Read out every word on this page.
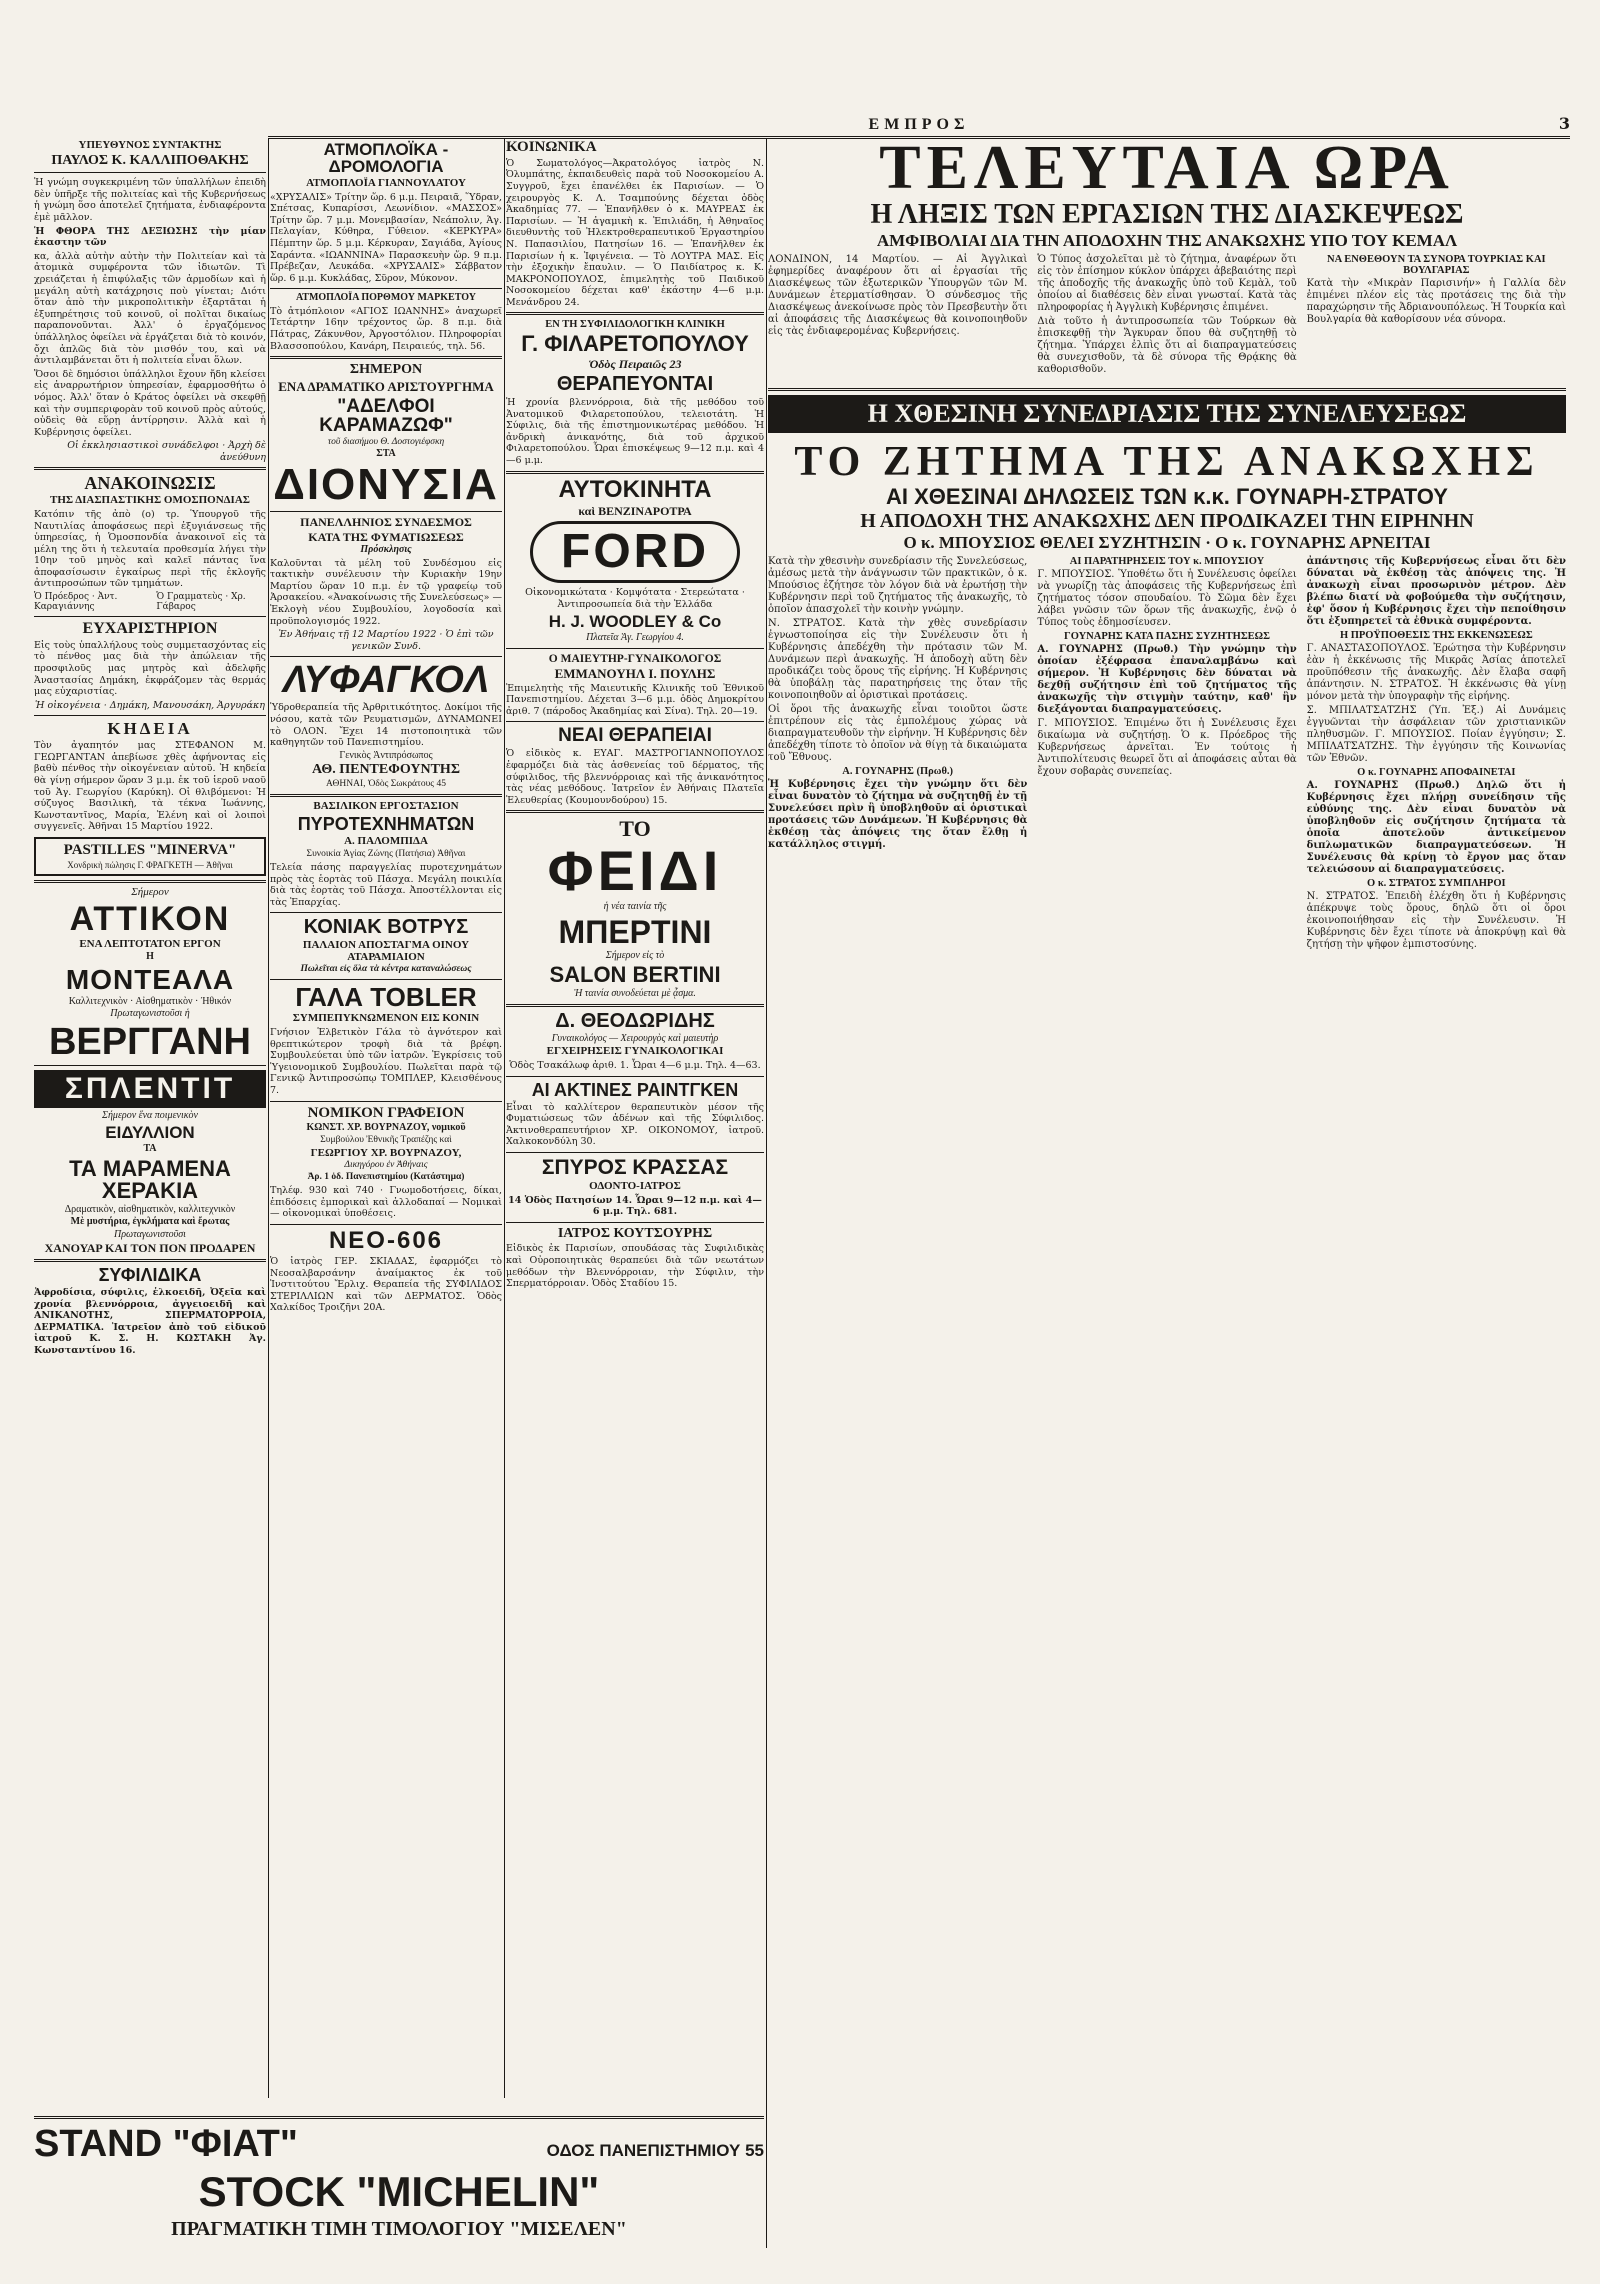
ΕΜΠΡΟΣ	3
ΥΠΕΥΘΥΝΟΣ ΣΥΝΤΑΚΤΗΣ
ΠΑΥΛΟΣ Κ. ΚΑΛΛΙΠΟΘΑΚΗΣ

Ἡ γνώμη συγκεκριμένη τῶν ὑπαλλήλων ἐπειδὴ δὲν ὑπῆρξε τῆς πολιτείας καὶ τῆς Κυβερνήσεως ἡ γνώμη ὅσο ἀποτελεῖ ζητήματα, ἐνδιαφέροντα ἐμὲ μᾶλλον.

Ἡ ΦΘΟΡΑ ΤΗΣ ΔΕΞΙΩΣΗΣ τὴν μίαν ἐκαστην τῶν

κα, ἀλλὰ αὐτὴν αὐτὴν τὴν Πολιτείαν καὶ τὰ ἀτομικὰ συμφέροντα τῶν ἰδιωτῶν. Τὶ χρειάζεται ἡ ἐπιφύλαξις τῶν ἀρμοδίων καὶ ἡ μεγάλη αὐτὴ κατάχρησις ποὺ γίνεται; Διότι ὅταν ἀπὸ τὴν μικροπολιτικὴν ἐξαρτᾶται ἡ ἐξυπηρέτησις τοῦ κοινοῦ, οἱ πολῖται δικαίως παραπονοῦνται. Ἀλλ' ὁ ἐργαζόμενος ὑπάλληλος ὀφείλει νὰ ἐργάζεται διὰ τὸ κοινόν, ὄχι ἁπλῶς διὰ τὸν μισθόν του, καὶ νὰ ἀντιλαμβάνεται ὅτι ἡ πολιτεία εἶναι ὅλων.

Ὅσοι δὲ δημόσιοι ὑπάλληλοι ἔχουν ἤδη κλείσει εἰς ἀναρρωτήριον ὑπηρεσίαν, ἐφαρμοσθήτω ὁ νόμος. Ἀλλ' ὅταν ὁ Κράτος ὀφείλει νὰ σκεφθῇ καὶ τὴν συμπεριφορὰν τοῦ κοινοῦ πρὸς αὐτούς, οὐδεὶς θὰ εὕρῃ ἀντίρρησιν. Ἀλλὰ καὶ ἡ Κυβέρνησις ὀφείλει.

Οἱ ἐκκλησιαστικοὶ συνάδελφοι · Ἀρχὴ δὲ ἀνεύθυνη

ΑΝΑΚΟΙΝΩΣΙΣ
ΤΗΣ ΔΙΑΣΠΑΣΤΙΚΗΣ ΟΜΟΣΠΟΝΔΙΑΣ

Κατόπιν τῆς ἀπὸ (ο) τρ. Ὑπουργοῦ τῆς Ναυτιλίας ἀποφάσεως περὶ ἐξυγιάνσεως τῆς ὑπηρεσίας, ἡ Ὁμοσπονδία ἀνακοινοῖ εἰς τὰ μέλη της ὅτι ἡ τελευταία προθεσμία λήγει τὴν 10ην τοῦ μηνὸς καὶ καλεῖ πάντας ἵνα ἀποφασίσωσιν ἐγκαίρως περὶ τῆς ἐκλογῆς ἀντιπροσώπων τῶν τμημάτων.

Ὁ Πρόεδρος · Ἀντ. Καραγιάννης
Ὁ Γραμματεὺς · Χρ. Γάβαρος
ΕΥΧΑΡΙΣΤΗΡΙΟΝ

Εἰς τοὺς ὑπαλλήλους τοὺς συμμετασχόντας εἰς τὸ πένθος μας διὰ τὴν ἀπώλειαν τῆς προσφιλοῦς μας μητρὸς καὶ ἀδελφῆς Ἀναστασίας Δημάκη, ἐκφράζομεν τὰς θερμάς μας εὐχαριστίας.

Ἡ οἰκογένεια · Δημάκη, Μανουσάκη, Ἀργυράκη

ΚΗΔΕΙΑ

Τὸν ἀγαπητόν μας ΣΤΕΦΑΝΟΝ Μ. ΓΕΩΡΓΑΝΤΑΝ ἀπεβίωσε χθὲς ἀφήνοντας εἰς βαθὺ πένθος τὴν οἰκογένειαν αὐτοῦ. Ἡ κηδεία θὰ γίνῃ σήμερον ὥραν 3 μ.μ. ἐκ τοῦ ἱεροῦ ναοῦ τοῦ Ἁγ. Γεωργίου (Καρύκη). Οἱ θλιβόμενοι: Ἡ σύζυγος Βασιλικὴ, τὰ τέκνα Ἰωάννης, Κωνσταντῖνος, Μαρία, Ἑλένη καὶ οἱ λοιποὶ συγγενεῖς. Ἀθῆναι 15 Μαρτίου 1922.

PASTILLES "MINERVA"
Χονδρικὴ πώλησις Γ. ΦΡΑΓΚΕΤΗ — Ἀθῆναι
Σήμερον
ΑΤΤΙΚΟΝ
ΕΝΑ ΛΕΠΤΟΤΑΤΟΝ ΕΡΓΟΝ
Η
ΜΟΝΤΕΑΛΑ
Καλλιτεχνικὸν · Αἰσθηματικὸν · Ἠθικόν
Πρωταγωνιστοῦσι ἡ
ΒΕΡΓΓΑΝΗ
ΣΠΛΕΝΤΙΤ
Σήμερον ἕνα ποιμενικὸν
ΕΙΔΥΛΛΙΟΝ
ΤΑ
ΤΑ ΜΑΡΑΜΕΝΑ ΧΕΡΑΚΙΑ
Δραματικὸν, αἰσθηματικὸν, καλλιτεχνικὸν
Μὲ μυστήρια, ἐγκλήματα καὶ ἔρωτας
Πρωταγωνιστοῦσι
ΧΑΝΟΥΑΡ ΚΑΙ ΤΟΝ ΠΟΝ ΠΡΟΔΑΡΕΝ
ΣΥΦΙΛΙΔΙΚΑ

Ἀφροδίσια, σύφιλις, ἑλκοειδῆ, Ὀξεῖα καὶ χρονία βλεννόρροια, ἀγγειοειδῆ καὶ ΑΝΙΚΑΝΟΤΗΣ, ΣΠΕΡΜΑΤΟΡΡΟΙΑ, ΔΕΡΜΑΤΙΚΑ. Ἰατρεῖον ἀπὸ τοῦ εἰδικοῦ ἰατροῦ Κ. Σ. Η. ΚΩΣΤΑΚΗ Ἀγ. Κωνσταντίνου 16.

ΑΤΜΟΠΛΟΪΚΑ - ΔΡΟΜΟΛΟΓΙΑ
ΑΤΜΟΠΛΟΪΑ ΓΙΑΝΝΟΥΛΑΤΟΥ

«ΧΡΥΣΑΛΙΣ» Τρίτην ὥρ. 6 μ.μ. Πειραιᾶ, Ὕδραν, Σπέτσας, Κυπαρίσσι, Λεωνίδιον. «ΜΑΣΣΟΣ» Τρίτην ὥρ. 7 μ.μ. Μονεμβασίαν, Νεάπολιν, Ἁγ. Πελαγίαν, Κύθηρα, Γύθειον. «ΚΕΡΚΥΡΑ» Πέμπτην ὥρ. 5 μ.μ. Κέρκυραν, Σαγιάδα, Ἀγίους Σαράντα. «ΙΩΑΝΝΙΝΑ» Παρασκευὴν ὥρ. 9 π.μ. Πρέβεζαν, Λευκάδα. «ΧΡΥΣΑΛΙΣ» Σάββατον ὥρ. 6 μ.μ. Κυκλάδας, Σῦρον, Μύκονον.

ΑΤΜΟΠΛΟΪΑ ΠΟΡΘΜΟΥ ΜΑΡΚΕΤΟΥ

Τὸ ἀτμόπλοιον «ΑΓΙΟΣ ΙΩΑΝΝΗΣ» ἀναχωρεῖ Τετάρτην 16ην τρέχοντος ὥρ. 8 π.μ. διὰ Πάτρας, Ζάκυνθον, Ἀργοστόλιον. Πληροφορίαι Βλασσοπούλου, Κανάρη, Πειραιεύς, τηλ. 56.

ΣΗΜΕΡΟΝ
ΕΝΑ ΔΡΑΜΑΤΙΚΟ ΑΡΙΣΤΟΥΡΓΗΜΑ
"ΑΔΕΛΦΟΙ ΚΑΡΑΜΑΖΩΦ"
τοῦ διασήμου Θ. Δοστογιέφσκη
ΣΤΑ
ΔΙΟΝΥΣΙΑ
ΠΑΝΕΛΛΗΝΙΟΣ ΣΥΝΔΕΣΜΟΣ
ΚΑΤΑ ΤΗΣ ΦΥΜΑΤΙΩΣΕΩΣ
Πρόσκλησις

Καλοῦνται τὰ μέλη τοῦ Συνδέσμου εἰς τακτικὴν συνέλευσιν τὴν Κυριακὴν 19ην Μαρτίου ὥραν 10 π.μ. ἐν τῷ γραφείῳ τοῦ Ἀρσακείου. «Ἀνακοίνωσις τῆς Συνελεύσεως» — Ἐκλογὴ νέου Συμβουλίου, λογοδοσία καὶ προϋπολογισμός 1922.

Ἐν Ἀθήναις τῇ 12 Μαρτίου 1922 · Ὁ ἐπὶ τῶν γενικῶν Συνδ.

ΛΥΦΑΓΚΟΛ

Ὑδροθεραπεία τῆς Ἀρθριτικότητος. Δοκίμοι τῆς νόσου, κατὰ τῶν Ρευματισμῶν, ΔΥΝΑΜΩΝΕΙ τὸ ΟΛΟΝ. Ἔχει 14 πιστοποιητικὰ τῶν καθηγητῶν τοῦ Πανεπιστημίου.

Γενικὸς Ἀντιπρόσωπος
ΑΘ. ΠΕΝΤΕΦΟΥΝΤΗΣ
ΑΘΗΝΑΙ, Ὁδὸς Σωκράτους 45
ΒΑΣΙΛΙΚΟΝ ΕΡΓΟΣΤΑΣΙΟΝ
ΠΥΡΟΤΕΧΝΗΜΑΤΩΝ
Α. ΠΑΛΟΜΠΙΔΑ
Συνοικία Ἁγίας Ζώνης (Πατήσια) Ἀθῆναι

Τελεία πάσης παραγγελίας πυροτεχνημάτων πρὸς τὰς ἑορτὰς τοῦ Πάσχα. Μεγάλη ποικιλία διὰ τὰς ἑορτὰς τοῦ Πάσχα. Ἀποστέλλονται εἰς τὰς Ἐπαρχίας.

ΚΟΝΙΑΚ ΒΟΤΡΥΣ
ΠΑΛΑΙΟΝ ΑΠΟΣΤΑΓΜΑ ΟΙΝΟΥ ΑΤΑΡΑΜΙΑΙΟΝ
Πωλεῖται εἰς ὅλα τὰ κέντρα καταναλώσεως
ΓΑΛΑ TOBLER
ΣΥΜΠΕΠΥΚΝΩΜΕΝΟΝ ΕΙΣ ΚΟΝΙΝ

Γνήσιον Ἑλβετικὸν Γάλα τὸ ἀγνότερον καὶ θρεπτικώτερον τροφὴ διὰ τὰ βρέφη. Συμβουλεύεται ὑπὸ τῶν ἰατρῶν. Ἐγκρίσεις τοῦ Ὑγειονομικοῦ Συμβουλίου. Πωλεῖται παρὰ τῷ Γενικῷ Ἀντιπροσώπῳ ΤΟΜΠΛΕΡ, Κλεισθένους 7.

ΝΟΜΙΚΟΝ ΓΡΑΦΕΙΟΝ
ΚΩΝΣΤ. ΧΡ. ΒΟΥΡΝΑΖΟΥ, νομικοῦ
Συμβούλου Ἐθνικῆς Τραπέζης καὶ
ΓΕΩΡΓΙΟΥ ΧΡ. ΒΟΥΡΝΑΖΟΥ,
Δικηγόρου ἐν Ἀθήναις
Ἀρ. 1 ὁδ. Πανεπιστημίου (Κατάστημα)

Τηλέφ. 930 καὶ 740 · Γνωμοδοτήσεις, δίκαι, ἐπιδόσεις ἐμπορικαὶ καὶ ἀλλοδαπαί — Νομικαὶ — οἰκονομικαὶ ὑποθέσεις.

ΝΕΟ-606

Ὁ ἰατρὸς ΓΕΡ. ΣΚΙΑΔΑΣ, ἐφαρμόζει τὸ Νεοσαλβαρσάνην ἀναίμακτος ἐκ τοῦ Ἰνστιτούτου Ἔρλιχ. Θεραπεία τῆς ΣΥΦΙΛΙΔΟΣ ΣΤΕΡΙΛΛΙΩΝ καὶ τῶν ΔΕΡΜΑΤΟΣ. Ὁδὸς Χαλκίδος Τροιζῆνι 20Α.

ΚΟΙΝΩΝΙΚΑ

Ὁ Σωματολόγος—Ἀκρατολόγος ἰατρὸς Ν. Ὀλυμπάτης, ἐκπαιδευθεὶς παρὰ τοῦ Νοσοκομείου Α. Συγγροῦ, ἔχει ἐπανέλθει ἐκ Παρισίων. — Ὁ χειρουργὸς Κ. Λ. Τσαμπούνης δέχεται ὁδὸς Ἀκαδημίας 77. — Ἐπανῆλθεν ὁ κ. ΜΑΥΡΕΑΣ ἐκ Παρισίων. — Ἡ ἀγαμικὴ κ. Ἐπιλιάδη, ἡ Ἀθηναῖος διευθυντὴς τοῦ Ἠλεκτροθεραπευτικοῦ Ἐργαστηρίου Ν. Παπασιλίου, Πατησίων 16. — Ἐπανῆλθεν ἐκ Παρισίων ἡ κ. Ἰφιγένεια. — Τὸ ΛΟΥΤΡΑ ΜΑΣ. Εἰς τὴν ἐξοχικὴν ἔπαυλιν. — Ὁ Παιδίατρος κ. Κ. ΜΑΚΡΟΝΟΠΟΥΛΟΣ, ἐπιμελητὴς τοῦ Παιδικοῦ Νοσοκομείου δέχεται καθ' ἑκάστην 4—6 μ.μ. Μενάνδρου 24.

ΕΝ ΤΗ ΣΥΦΙΛΙΔΟΛΟΓΙΚΗ ΚΛΙΝΙΚΗ
Γ. ΦΙΛΑΡΕΤΟΠΟΥΛΟΥ
Ὁδὸς Πειραιῶς 23
ΘΕΡΑΠΕΥΟΝΤΑΙ

Ἡ χρονία βλεννόρροια, διὰ τῆς μεθόδου τοῦ Ἀνατομικοῦ Φιλαρετοπούλου, τελειοτάτη. Ἡ Σύφιλις, διὰ τῆς ἐπιστημονικωτέρας μεθόδου. Ἡ ἀνδρικὴ ἀνικανότης, διὰ τοῦ ἀρχικοῦ Φιλαρετοπούλου. Ὧραι ἐπισκέψεως 9—12 π.μ. καὶ 4—6 μ.μ.

ΑΥΤΟΚΙΝΗΤΑ
καὶ ΒΕΝΖΙΝΑΡΟΤΡΑ
FORD

Οἰκονομικώτατα · Κομψότατα · Στερεώτατα · Ἀντιπροσωπεία διὰ τὴν Ἑλλάδα

H. J. WOODLEY & Co
Πλατεῖα Ἁγ. Γεωργίου 4.
Ο ΜΑΙΕΥΤΗΡ-ΓΥΝΑΙΚΟΛΟΓΟΣ
ΕΜΜΑΝΟΥΗΛ Ι. ΠΟΥΛΗΣ

Ἐπιμελητὴς τῆς Μαιευτικῆς Κλινικῆς τοῦ Ἐθνικοῦ Πανεπιστημίου. Δέχεται 3—6 μ.μ. ὁδὸς Δημοκρίτου ἀριθ. 7 (πάροδος Ἀκαδημίας καὶ Σίνα). Τηλ. 20—19.

ΝΕΑΙ ΘΕΡΑΠΕΙΑΙ

Ὁ εἰδικὸς κ. ΕΥΑΓ. ΜΑΣΤΡΟΓΙΑΝΝΟΠΟΥΛΟΣ ἐφαρμόζει διὰ τὰς ἀσθενείας τοῦ δέρματος, τῆς σύφιλιδος, τῆς βλεννόρροιας καὶ τῆς ἀνικανότητος τὰς νέας μεθόδους. Ἰατρεῖον ἐν Ἀθήναις Πλατεῖα Ἐλευθερίας (Κουμουνδούρου) 15.

ΤΟ
ΦΕΙΔΙ
ἡ νέα ταινία τῆς
ΜΠΕΡΤΙΝΙ
Σήμερον εἰς τὸ
SALON BERTINI
Ἡ ταινία συνοδεύεται μὲ ᾆσμα.
Δ. ΘΕΟΔΩΡΙΔΗΣ
Γυναικολόγος — Χειρουργὸς καὶ μαιευτὴρ
ΕΓΧΕΙΡΗΣΕΙΣ ΓΥΝΑΙΚΟΛΟΓΙΚΑΙ

Ὁδὸς Τσακάλωφ ἀριθ. 1. Ὧραι 4—6 μ.μ. Τηλ. 4—63.

ΑΙ ΑΚΤΙΝΕΣ ΡΑΙΝΤΓΚΕΝ

Εἶναι τὸ καλλίτερον θεραπευτικὸν μέσον τῆς Φυματιώσεως τῶν ἀδένων καὶ τῆς Σύφιλιδος. Ἀκτινοθεραπευτήριον ΧΡ. ΟΙΚΟΝΟΜΟΥ, ἰατροῦ. Χαλκοκονδύλη 30.

ΣΠΥΡΟΣ ΚΡΑΣΣΑΣ
ΟΔΟΝΤΟ-ΙΑΤΡΟΣ

14 Ὁδὸς Πατησίων 14. Ὧραι 9—12 π.μ. καὶ 4—6 μ.μ. Τηλ. 681.

ΙΑΤΡΟΣ ΚΟΥΤΣΟΥΡΗΣ

Εἰδικὸς ἐκ Παρισίων, σπουδάσας τὰς Συφιλιδικὰς καὶ Οὐροποιητικὰς θεραπεύει διὰ τῶν νεωτάτων μεθόδων τὴν Βλεννόρροιαν, τὴν Σύφιλιν, τὴν Σπερματόρροιαν. Ὁδὸς Σταδίου 15.

ΤΕΛΕΥΤΑΙΑ ΩΡΑ
Η ΛΗΞΙΣ ΤΩΝ ΕΡΓΑΣΙΩΝ ΤΗΣ ΔΙΑΣΚΕΨΕΩΣ
ΑΜΦΙΒΟΛΙΑΙ ΔΙΑ ΤΗΝ ΑΠΟΔΟΧΗΝ ΤΗΣ ΑΝΑΚΩΧΗΣ ΥΠΟ ΤΟΥ ΚΕΜΑΛ

ΛΟΝΔΙΝΟΝ, 14 Μαρτίου. — Αἱ Ἀγγλικαὶ ἐφημερίδες ἀναφέρουν ὅτι αἱ ἐργασίαι τῆς Διασκέψεως τῶν ἐξωτερικῶν Ὑπουργῶν τῶν Μ. Δυνάμεων ἐτερματίσθησαν. Ὁ σύνδεσμος τῆς Διασκέψεως ἀνεκοίνωσε πρὸς τὸν Πρεσβευτὴν ὅτι αἱ ἀποφάσεις τῆς Διασκέψεως θὰ κοινοποιηθοῦν εἰς τὰς ἐνδιαφερομένας Κυβερνήσεις.

Ὁ Τύπος ἀσχολεῖται μὲ τὸ ζήτημα, ἀναφέρων ὅτι εἰς τὸν ἐπίσημον κύκλον ὑπάρχει ἀβεβαιότης περὶ τῆς ἀποδοχῆς τῆς ἀνακωχῆς ὑπὸ τοῦ Κεμὰλ, τοῦ ὁποίου αἱ διαθέσεις δὲν εἶναι γνωσταί. Κατὰ τὰς πληροφορίας ἡ Ἀγγλικὴ Κυβέρνησις ἐπιμένει.

Διὰ τοῦτο ἡ ἀντιπροσωπεία τῶν Τούρκων θὰ ἐπισκεφθῇ τὴν Ἄγκυραν ὅπου θὰ συζητηθῇ τὸ ζήτημα. Ὑπάρχει ἐλπὶς ὅτι αἱ διαπραγματεύσεις θὰ συνεχισθοῦν, τὰ δὲ σύνορα τῆς Θρᾴκης θὰ καθορισθοῦν.

ΝΑ ΕΝΘΕΘΟΥΝ ΤΑ ΣΥΝΟΡΑ ΤΟΥΡΚΙΑΣ ΚΑΙ ΒΟΥΛΓΑΡΙΑΣ

Κατὰ τὴν «Μικρὰν Παρισινήν» ἡ Γαλλία δὲν ἐπιμένει πλέον εἰς τὰς προτάσεις της διὰ τὴν παραχώρησιν τῆς Ἀδριανουπόλεως. Ἡ Τουρκία καὶ Βουλγαρία θὰ καθορίσουν νέα σύνορα.

Η ΧΘΕΣΙΝΗ ΣΥΝΕΔΡΙΑΣΙΣ ΤΗΣ ΣΥΝΕΛΕΥΣΕΩΣ
ΤΟ ΖΗΤΗΜΑ ΤΗΣ ΑΝΑΚΩΧΗΣ
ΑΙ ΧΘΕΣΙΝΑΙ ΔΗΛΩΣΕΙΣ ΤΩΝ κ.κ. ΓΟΥΝΑΡΗ-ΣΤΡΑΤΟΥ
Η ΑΠΟΔΟΧΗ ΤΗΣ ΑΝΑΚΩΧΗΣ ΔΕΝ ΠΡΟΔΙΚΑΖΕΙ ΤΗΝ ΕΙΡΗΝΗΝ
Ο κ. ΜΠΟΥΣΙΟΣ ΘΕΛΕΙ ΣΥΖΗΤΗΣΙΝ · Ο κ. ΓΟΥΝΑΡΗΣ ΑΡΝΕΙΤΑΙ

Κατὰ τὴν χθεσινὴν συνεδρίασιν τῆς Συνελεύσεως, ἀμέσως μετὰ τὴν ἀνάγνωσιν τῶν πρακτικῶν, ὁ κ. Μπούσιος ἐζήτησε τὸν λόγον διὰ νὰ ἐρωτήσῃ τὴν Κυβέρνησιν περὶ τοῦ ζητήματος τῆς ἀνακωχῆς, τὸ ὁποῖον ἀπασχολεῖ τὴν κοινὴν γνώμην.

Ν. ΣΤΡΑΤΟΣ. Κατὰ τὴν χθὲς συνεδρίασιν ἐγνωστοποίησα εἰς τὴν Συνέλευσιν ὅτι ἡ Κυβέρνησις ἀπεδέχθη τὴν πρότασιν τῶν Μ. Δυνάμεων περὶ ἀνακωχῆς. Ἡ ἀποδοχὴ αὕτη δὲν προδικάζει τοὺς ὅρους τῆς εἰρήνης. Ἡ Κυβέρνησις θὰ ὑποβάλῃ τὰς παρατηρήσεις της ὅταν τῆς κοινοποιηθοῦν αἱ ὁριστικαὶ προτάσεις.

Οἱ ὅροι τῆς ἀνακωχῆς εἶναι τοιοῦτοι ὥστε ἐπιτρέπουν εἰς τὰς ἐμπολέμους χώρας νὰ διαπραγματευθοῦν τὴν εἰρήνην. Ἡ Κυβέρνησις δὲν ἀπεδέχθη τίποτε τὸ ὁποῖον νὰ θίγῃ τὰ δικαιώματα τοῦ Ἔθνους.

Α. ΓΟΥΝΑΡΗΣ (Πρωθ.)

Ἡ Κυβέρνησις ἔχει τὴν γνώμην ὅτι δὲν εἶναι δυνατὸν τὸ ζήτημα νὰ συζητηθῇ ἐν τῇ Συνελεύσει πρὶν ἢ ὑποβληθοῦν αἱ ὁριστικαὶ προτάσεις τῶν Δυνάμεων. Ἡ Κυβέρνησις θὰ ἐκθέσῃ τὰς ἀπόψεις της ὅταν ἔλθῃ ἡ κατάλληλος στιγμή.

ΑΙ ΠΑΡΑΤΗΡΗΣΕΙΣ ΤΟΥ κ. ΜΠΟΥΣΙΟΥ

Γ. ΜΠΟΥΣΙΟΣ. Ὑποθέτω ὅτι ἡ Συνέλευσις ὀφείλει νὰ γνωρίζῃ τὰς ἀποφάσεις τῆς Κυβερνήσεως ἐπὶ ζητήματος τόσον σπουδαίου. Τὸ Σῶμα δὲν ἔχει λάβει γνῶσιν τῶν ὅρων τῆς ἀνακωχῆς, ἐνῷ ὁ Τύπος τοὺς ἐδημοσίευσεν.

ΓΟΥΝΑΡΗΣ ΚΑΤΑ ΠΑΣΗΣ ΣΥΖΗΤΗΣΕΩΣ

Α. ΓΟΥΝΑΡΗΣ (Πρωθ.) Τὴν γνώμην τὴν ὁποίαν ἐξέφρασα ἐπαναλαμβάνω καὶ σήμερον. Ἡ Κυβέρνησις δὲν δύναται νὰ δεχθῇ συζήτησιν ἐπὶ τοῦ ζητήματος τῆς ἀνακωχῆς τὴν στιγμὴν ταύτην, καθ' ἣν διεξάγονται διαπραγματεύσεις.

Γ. ΜΠΟΥΣΙΟΣ. Ἐπιμένω ὅτι ἡ Συνέλευσις ἔχει δικαίωμα νὰ συζητήσῃ. Ὁ κ. Πρόεδρος τῆς Κυβερνήσεως ἀρνεῖται. Ἐν τούτοις ἡ Ἀντιπολίτευσις θεωρεῖ ὅτι αἱ ἀποφάσεις αὗται θὰ ἔχουν σοβαρὰς συνεπείας.

ἀπάντησις τῆς Κυβερνήσεως εἶναι ὅτι δὲν δύναται νὰ ἐκθέσῃ τὰς ἀπόψεις της. Ἡ ἀνακωχὴ εἶναι προσωρινὸν μέτρον. Δὲν βλέπω διατί νὰ φοβούμεθα τὴν συζήτησιν, ἐφ' ὅσον ἡ Κυβέρνησις ἔχει τὴν πεποίθησιν ὅτι ἐξυπηρετεῖ τὰ ἐθνικὰ συμφέροντα.

Η ΠΡΟΫΠΟΘΕΣΙΣ ΤΗΣ ΕΚΚΕΝΩΣΕΩΣ

Γ. ΑΝΑΣΤΑΣΟΠΟΥΛΟΣ. Ἐρώτησα τὴν Κυβέρνησιν ἐὰν ἡ ἐκκένωσις τῆς Μικρᾶς Ἀσίας ἀποτελεῖ προϋπόθεσιν τῆς ἀνακωχῆς. Δὲν ἔλαβα σαφῆ ἀπάντησιν. Ν. ΣΤΡΑΤΟΣ. Ἡ ἐκκένωσις θὰ γίνῃ μόνον μετὰ τὴν ὑπογραφὴν τῆς εἰρήνης.

Σ. ΜΠΙΛΑΤΣΑΤΖΗΣ (Ὑπ. Ἐξ.) Αἱ Δυνάμεις ἐγγυῶνται τὴν ἀσφάλειαν τῶν χριστιανικῶν πληθυσμῶν. Γ. ΜΠΟΥΣΙΟΣ. Ποίαν ἐγγύησιν; Σ. ΜΠΙΛΑΤΣΑΤΖΗΣ. Τὴν ἐγγύησιν τῆς Κοινωνίας τῶν Ἐθνῶν.

Ο κ. ΓΟΥΝΑΡΗΣ ΑΠΟΦΑΙΝΕΤΑΙ

Α. ΓΟΥΝΑΡΗΣ (Πρωθ.) Δηλῶ ὅτι ἡ Κυβέρνησις ἔχει πλήρη συνείδησιν τῆς εὐθύνης της. Δὲν εἶναι δυνατὸν νὰ ὑποβληθοῦν εἰς συζήτησιν ζητήματα τὰ ὁποῖα ἀποτελοῦν ἀντικείμενον διπλωματικῶν διαπραγματεύσεων. Ἡ Συνέλευσις θὰ κρίνῃ τὸ ἔργον μας ὅταν τελειώσουν αἱ διαπραγματεύσεις.

Ο κ. ΣΤΡΑΤΟΣ ΣΥΜΠΛΗΡΟΙ

Ν. ΣΤΡΑΤΟΣ. Ἐπειδὴ ἐλέχθη ὅτι ἡ Κυβέρνησις ἀπέκρυψε τοὺς ὅρους, δηλῶ ὅτι οἱ ὅροι ἐκοινοποιήθησαν εἰς τὴν Συνέλευσιν. Ἡ Κυβέρνησις δὲν ἔχει τίποτε νὰ ἀποκρύψῃ καὶ θὰ ζητήσῃ τὴν ψῆφον ἐμπιστοσύνης.

STAND "ΦΙΑΤ"	ΟΔΟΣ ΠΑΝΕΠΙΣΤΗΜΙΟΥ 55
STOCK "MICHELIN"
ΠΡΑΓΜΑΤΙΚΗ ΤΙΜΗ ΤΙΜΟΛΟΓΙΟΥ "ΜΙΣΕΛΕΝ"
